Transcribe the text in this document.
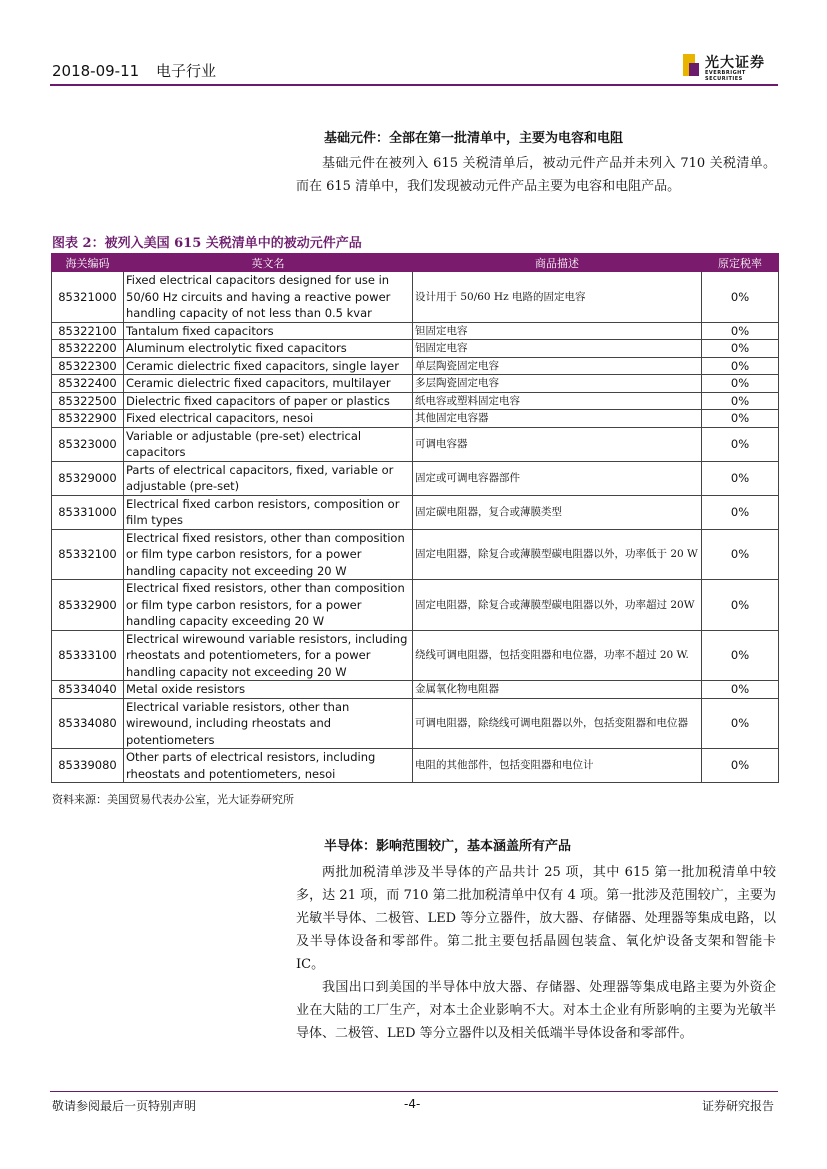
2018-09-11 电子行业	光大证券
EVERBRIGHT SECURITIES
基础元件：全部在第一批清单中，主要为电容和电阻

基础元件在被列入 615 关税清单后，被动元件产品并未列入 710 关税清单。而在 615 清单中，我们发现被动元件产品主要为电容和电阻产品。

图表 2：被列入美国 615 关税清单中的被动元件产品
海关编码	英文名	商品描述	原定税率
85321000	Fixed electrical capacitors designed for use in 50/60 Hz circuits and having a reactive power handling capacity of not less than 0.5 kvar	设计用于 50/60 Hz 电路的固定电容	0%
85322100	Tantalum fixed capacitors	钽固定电容	0%
85322200	Aluminum electrolytic fixed capacitors	铝固定电容	0%
85322300	Ceramic dielectric fixed capacitors, single layer	单层陶瓷固定电容	0%
85322400	Ceramic dielectric fixed capacitors, multilayer	多层陶瓷固定电容	0%
85322500	Dielectric fixed capacitors of paper or plastics	纸电容或塑料固定电容	0%
85322900	Fixed electrical capacitors, nesoi	其他固定电容器	0%
85323000	Variable or adjustable (pre-set) electrical capacitors	可调电容器	0%
85329000	Parts of electrical capacitors, fixed, variable or adjustable (pre-set)	固定或可调电容器部件	0%
85331000	Electrical fixed carbon resistors, composition or film types	固定碳电阻器，复合或薄膜类型	0%
85332100	Electrical fixed resistors, other than composition or film type carbon resistors, for a power handling capacity not exceeding 20 W	固定电阻器，除复合或薄膜型碳电阻器以外，功率低于 20 W	0%
85332900	Electrical fixed resistors, other than composition or film type carbon resistors, for a power handling capacity exceeding 20 W	固定电阻器，除复合或薄膜型碳电阻器以外，功率超过 20W	0%
85333100	Electrical wirewound variable resistors, including rheostats and potentiometers, for a power handling capacity not exceeding 20 W	绕线可调电阻器，包括变阻器和电位器，功率不超过 20 W.	0%
85334040	Metal oxide resistors	金属氧化物电阻器	0%
85334080	Electrical variable resistors, other than wirewound, including rheostats and potentiometers	可调电阻器，除绕线可调电阻器以外，包括变阻器和电位器	0%
85339080	Other parts of electrical resistors, including rheostats and potentiometers, nesoi	电阻的其他部件，包括变阻器和电位计	0%
资料来源：美国贸易代表办公室，光大证券研究所
半导体：影响范围较广，基本涵盖所有产品

两批加税清单涉及半导体的产品共计 25 项，其中 615 第一批加税清单中较多，达 21 项，而 710 第二批加税清单中仅有 4 项。第一批涉及范围较广，主要为光敏半导体、二极管、LED 等分立器件，放大器、存储器、处理器等集成电路，以及半导体设备和零部件。第二批主要包括晶圆包装盒、氧化炉设备支架和智能卡 IC。

我国出口到美国的半导体中放大器、存储器、处理器等集成电路主要为外资企业在大陆的工厂生产，对本土企业影响不大。对本土企业有所影响的主要为光敏半导体、二极管、LED 等分立器件以及相关低端半导体设备和零部件。

敬请参阅最后一页特别声明	-4-	证券研究报告
